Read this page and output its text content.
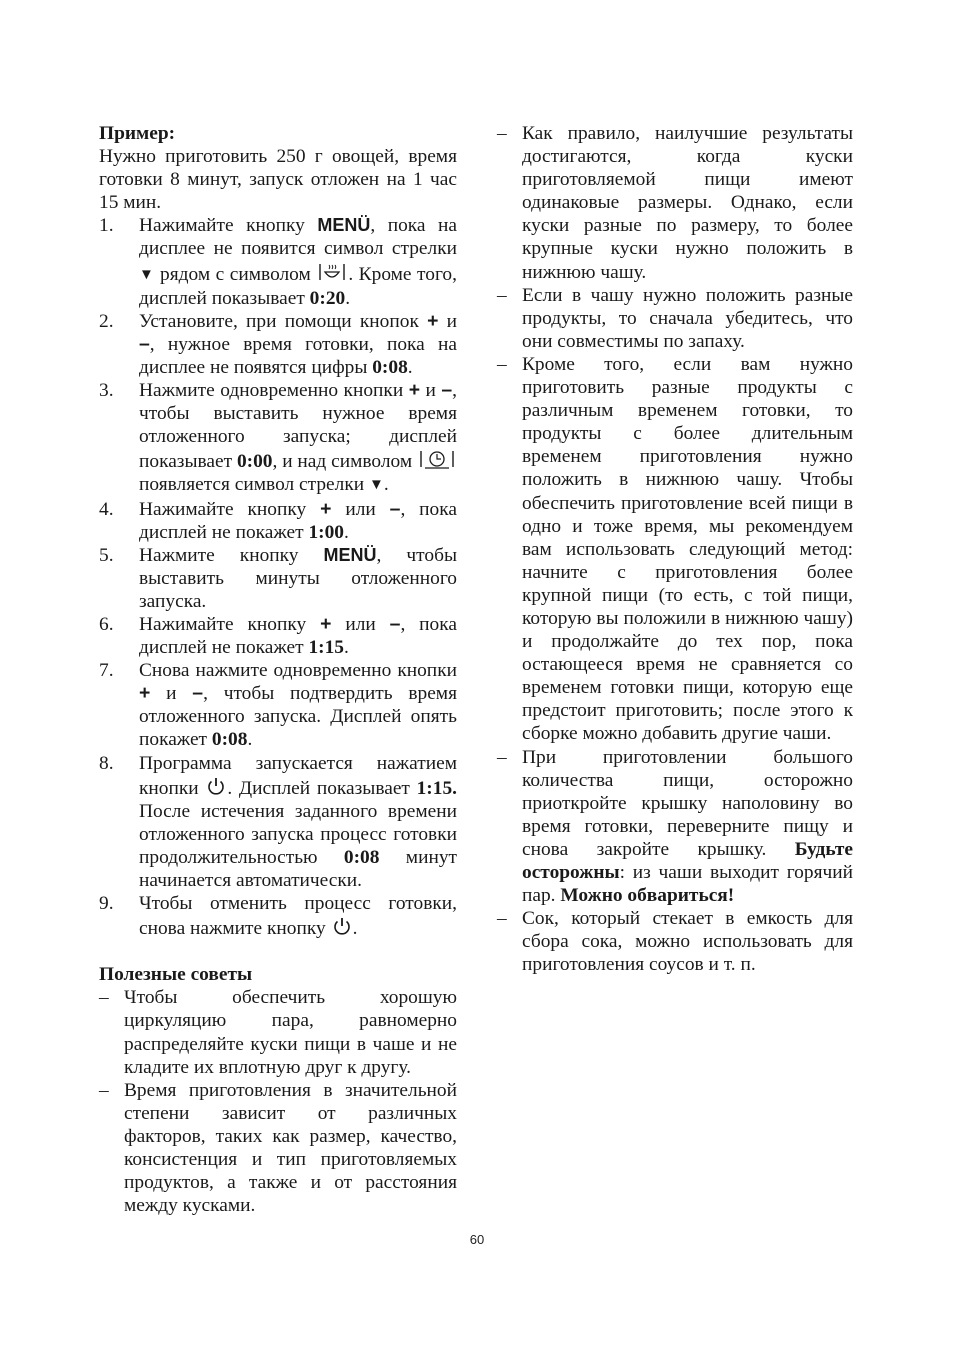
Пример:
Нужно приготовить 250 г овощей, время готовки 8 минут, запуск отложен на 1 час 15 мин.
1. Нажимайте кнопку MENÜ, пока на дисплее не появится символ стрелки ▼ рядом с символом . Кроме того, дисплей показывает 0:20.
2. Установите, при помощи кнопок + и –, нужное время готовки, пока на дисплее не появятся цифры 0:08.
3. Нажмите одновременно кнопки + и –, чтобы выставить нужное время отложенного запуска; дисплей показывает 0:00, и над символом  появляется символ стрелки ▼.
4. Нажимайте кнопку + или –, пока дисплей не покажет 1:00.
5. Нажмите кнопку MENÜ, чтобы выставить минуты отложенного запуска.
6. Нажимайте кнопку + или –, пока дисплей не покажет 1:15.
7. Снова нажмите одновременно кнопки + и –, чтобы подтвердить время отложенного запуска. Дисплей опять покажет 0:08.
8. Программа запускается нажатием кнопки . Дисплей показывает 1:15. После истечения заданного времени отложенного запуска процесс готовки продолжительностью 0:08 минут начинается автоматически.
9. Чтобы отменить процесс готовки, снова нажмите кнопку .
Полезные советы
– Чтобы обеспечить хорошую циркуляцию пара, равномерно распределяйте куски пищи в чаше и не кладите их вплотную друг к другу.
– Время приготовления в значительной степени зависит от различных факторов, таких как размер, качество, консистенция и тип приготовляемых продуктов, а также и от расстояния между кусками.
– Как правило, наилучшие результаты достигаются, когда куски приготовляемой пищи имеют одинаковые размеры. Однако, если куски разные по размеру, то более крупные куски нужно положить в нижнюю чашу.
– Если в чашу нужно положить разные продукты, то сначала убедитесь, что они совместимы по запаху.
– Кроме того, если вам нужно приготовить разные продукты с различным временем готовки, то продукты с более длительным временем приготовления нужно положить в нижнюю чашу. Чтобы обеспечить приготовление всей пищи в одно и тоже время, мы рекомендуем вам использовать следующий метод: начните с приготовления более крупной пищи (то есть, с той пищи, которую вы положили в нижнюю чашу) и продолжайте до тех пор, пока остающееся время не сравняется со временем готовки пищи, которую еще предстоит приготовить; после этого к сборке можно добавить другие чаши.
– При приготовлении большого количества пищи, осторожно приоткройте крышку наполовину во время готовки, переверните пищу и снова закройте крышку. Будьте осторожны: из чаши выходит горячий пар. Можно обвариться!
– Сок, который стекает в емкость для сбора сока, можно использовать для приготовления соусов и т. п.
60
